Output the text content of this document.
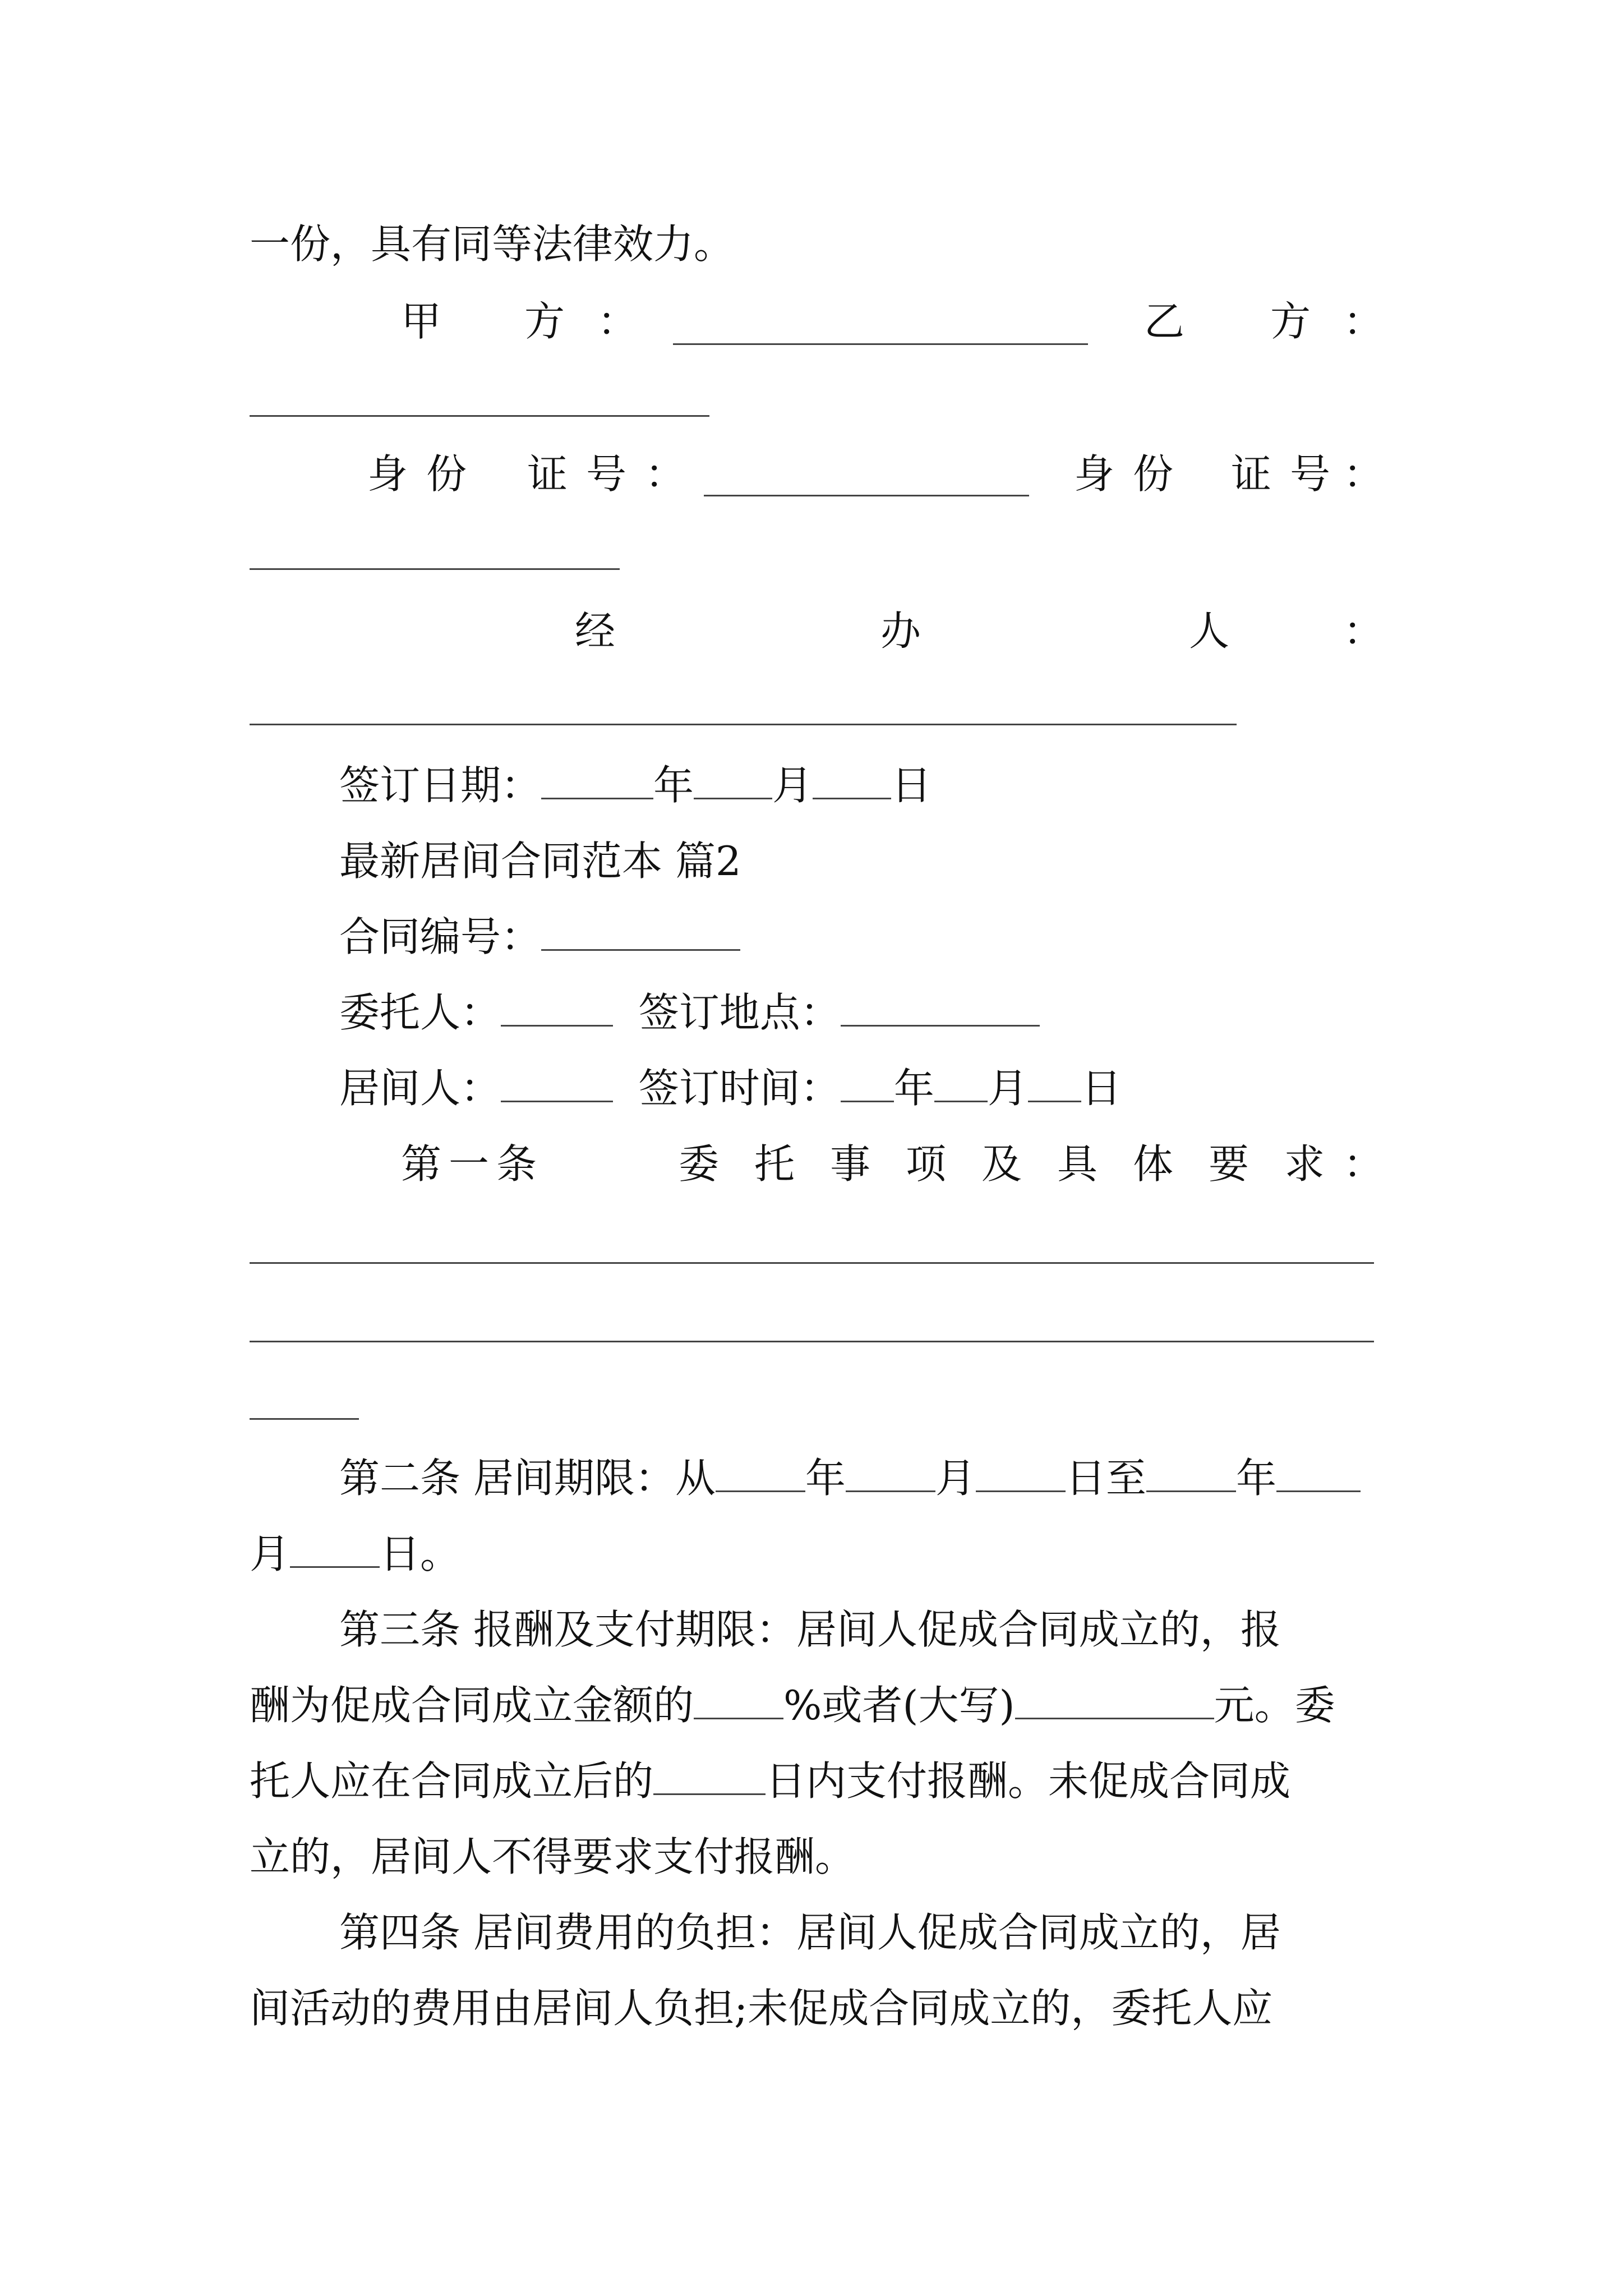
一份，具有同等法律效力。
甲 方 ：	乙 方 ：
身 份 证 号 ：	身 份 证 号 ：
经	办	人	：
签订日期：	年 月 日
最新居间合同范本 篇2
合同编号：
委托人：	签订地点：
居间人：	签订时间： 年 月 日
第 一 条	委 托 事 项 及 具 体 要 求 ：
第二条 居间期限：从 年 月 日至 年
月 日。
第三条 报酬及支付期限：居间人促成合同成立的，报
酬为促成合同成立金额的 %或者(大写)	元。委
托人应在合同成立后的	日内支付报酬。未促成合同成
立的，居间人不得要求支付报酬。
第四条 居间费用的负担：居间人促成合同成立的，居
间活动的费用由居间人负担;未促成合同成立的，委托人应
